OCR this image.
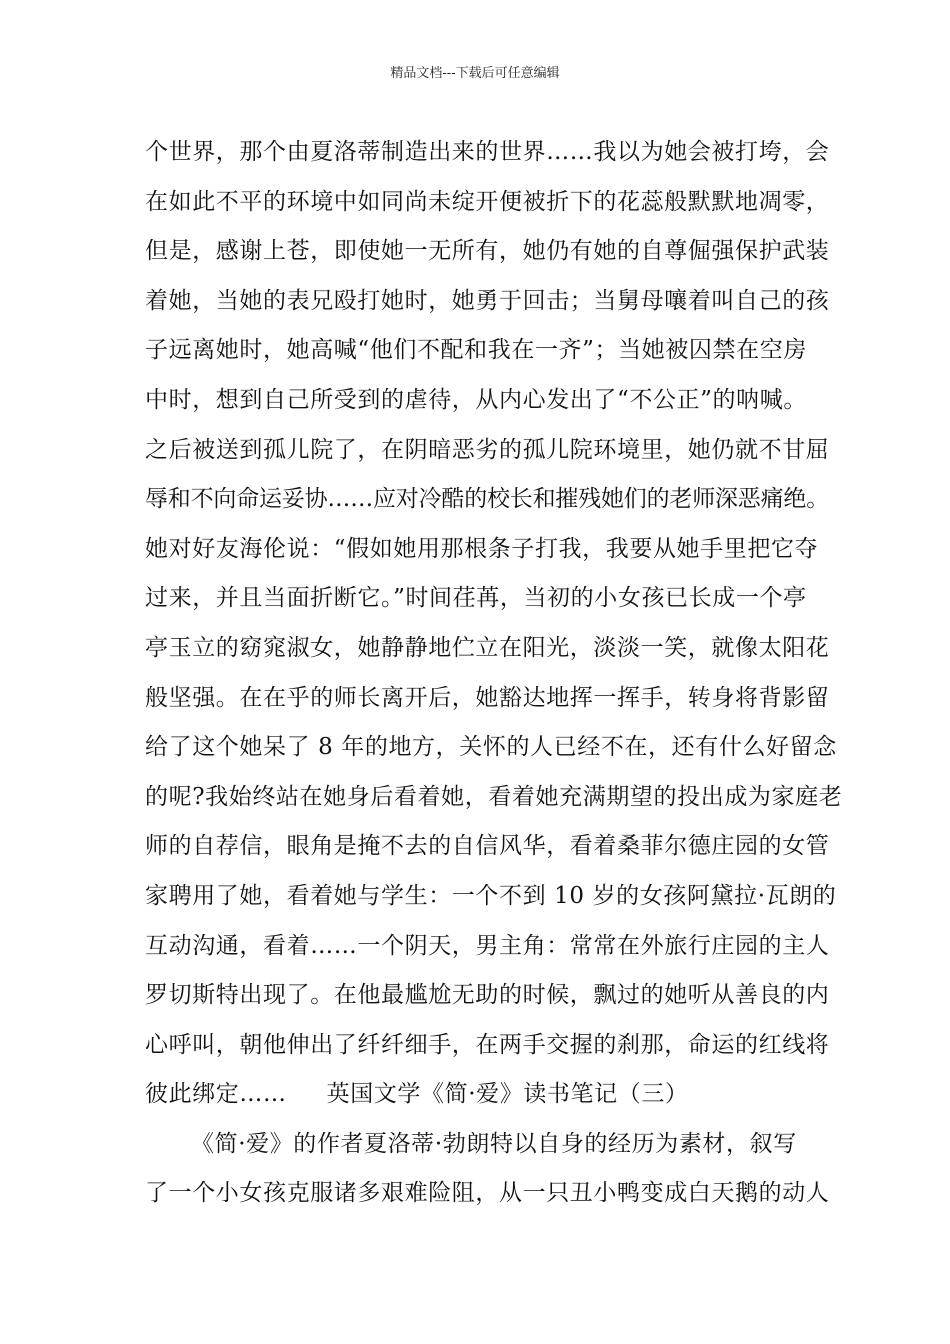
精品文档---下载后可任意编辑
个世界，那个由夏洛蒂制造出来的世界……我以为她会被打垮，会
在如此不平的环境中如同尚未绽开便被折下的花蕊般默默地凋零，
但是，感谢上苍，即使她一无所有，她仍有她的自尊倔强保护武装
着她，当她的表兄殴打她时，她勇于回击；当舅母嚷着叫自己的孩
子远离她时，她高喊“他们不配和我在一齐”；当她被囚禁在空房
中时，想到自己所受到的虐待，从内心发出了“不公正”的呐喊。
之后被送到孤儿院了，在阴暗恶劣的孤儿院环境里，她仍就不甘屈
辱和不向命运妥协……应对冷酷的校长和摧残她们的老师深恶痛绝。
她对好友海伦说：“假如她用那根条子打我，我要从她手里把它夺
过来，并且当面折断它。”时间荏苒，当初的小女孩已长成一个亭
亭玉立的窈窕淑女，她静静地伫立在阳光，淡淡一笑，就像太阳花
般坚强。在在乎的师长离开后，她豁达地挥一挥手，转身将背影留
给了这个她呆了 8 年的地方，关怀的人已经不在，还有什么好留念
的呢?我始终站在她身后看着她，看着她充满期望的投出成为家庭老
师的自荐信，眼角是掩不去的自信风华，看着桑菲尔德庄园的女管
家聘用了她，看着她与学生：一个不到 10 岁的女孩阿黛拉·瓦朗的
互动沟通，看着……一个阴天，男主角：常常在外旅行庄园的主人
罗切斯特出现了。在他最尴尬无助的时候，飘过的她听从善良的内
心呼叫，朝他伸出了纤纤细手，在两手交握的刹那，命运的红线将
彼此绑定…… 英国文学《简·爱》读书笔记（三）
《简·爱》的作者夏洛蒂·勃朗特以自身的经历为素材，叙写
了一个小女孩克服诸多艰难险阻，从一只丑小鸭变成白天鹅的动人
